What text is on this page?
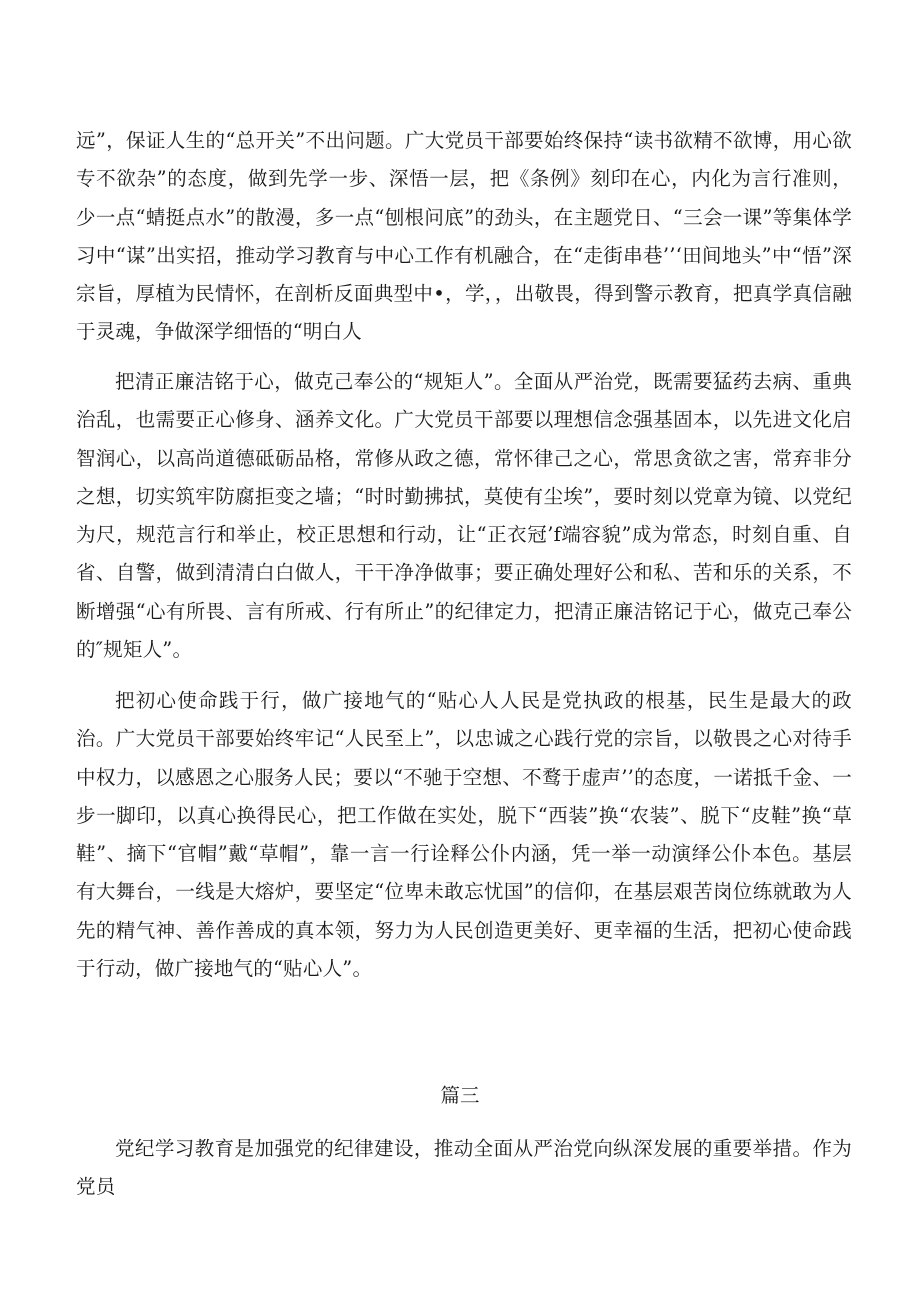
远”，保证人生的“总开关”不出问题。广大党员干部要始终保持“读书欲精不欲博，用心欲专不欲杂”的态度，做到先学一步、深悟一层，把《条例》刻印在心，内化为言行准则，少一点“蜻挺点水”的散漫，多一点“刨根问底”的劲头，在主题党日、“三会一课”等集体学习中“谋”出实招，推动学习教育与中心工作有机融合，在“走街串巷’’‘田间地头”中“悟”深宗旨，厚植为民情怀，在剖析反面典型中•，学，，出敬畏，得到警示教育，把真学真信融于灵魂，争做深学细悟的“明白人

把清正廉洁铭于心，做克己奉公的“规矩人”。全面从严治党，既需要猛药去病、重典治乱，也需要正心修身、涵养文化。广大党员干部要以理想信念强基固本，以先进文化启智润心，以高尚道德砥砺品格，常修从政之德，常怀律己之心，常思贪欲之害，常弃非分之想，切实筑牢防腐拒变之墙；“时时勤拂拭，莫使有尘埃”，要时刻以党章为镜、以党纪为尺，规范言行和举止，校正思想和行动，让“正衣冠’f端容貌”成为常态，时刻自重、自省、自警，做到清清白白做人，干干净净做事；要正确处理好公和私、苦和乐的关系，不断增强“心有所畏、言有所戒、行有所止”的纪律定力，把清正廉洁铭记于心，做克己奉公的″规矩人”。

把初心使命践于行，做广接地气的“贴心人人民是党执政的根基，民生是最大的政治。广大党员干部要始终牢记“人民至上”，以忠诚之心践行党的宗旨，以敬畏之心对待手中权力，以感恩之心服务人民；要以“不驰于空想、不鹜于虚声’’的态度，一诺抵千金、一步一脚印，以真心换得民心，把工作做在实处，脱下“西装”换“农装”、脱下“皮鞋”换“草鞋”、摘下“官帽”戴“草帽”，靠一言一行诠释公仆内涵，凭一举一动演绎公仆本色。基层有大舞台，一线是大熔炉，要坚定“位卑未敢忘忧国”的信仰，在基层艰苦岗位练就敢为人先的精气神、善作善成的真本领，努力为人民创造更美好、更幸福的生活，把初心使命践于行动，做广接地气的“贴心人”。

篇三

党纪学习教育是加强党的纪律建设，推动全面从严治党向纵深发展的重要举措。作为党员
